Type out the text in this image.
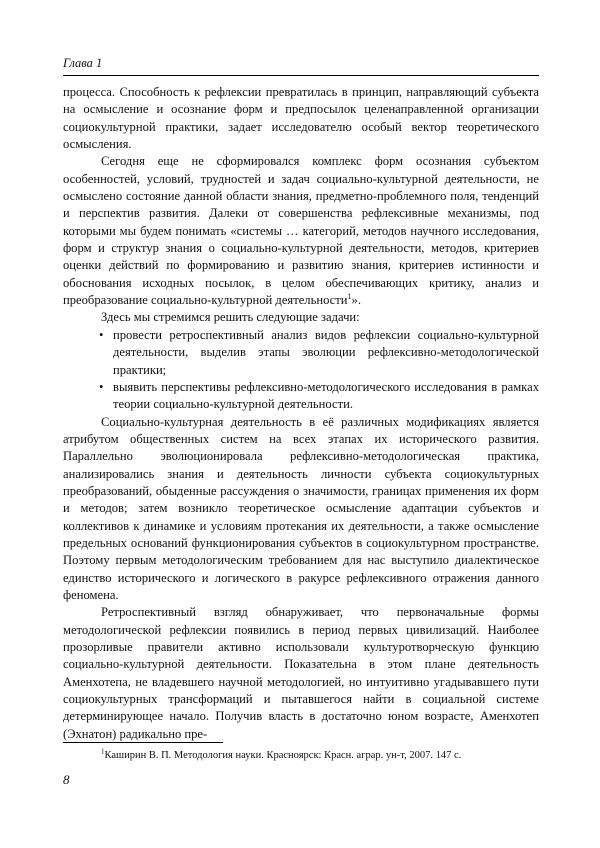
Глава 1

процесса. Способность к рефлексии превратилась в принцип, направляющий субъекта на осмысление и осознание форм и предпосылок целенаправленной организации социокультурной практики, задает исследователю особый вектор теоретического осмысления.

Сегодня еще не сформировался комплекс форм осознания субъектом особенностей, условий, трудностей и задач социально-культурной деятельности, не осмыслено состояние данной области знания, предметно-проблемного поля, тенденций и перспектив развития. Далеки от совершенства рефлексивные механизмы, под которыми мы будем понимать «системы … категорий, методов научного исследования, форм и структур знания о социально-культурной деятельности, методов, критериев оценки действий по формированию и развитию знания, критериев истинности и обоснования исходных посылок, в целом обеспечивающих критику, анализ и преобразование социально-культурной деятельности$^1$».

Здесь мы стремимся решить следующие задачи:

• провести ретроспективный анализ видов рефлексии социально-культурной деятельности, выделив этапы эволюции рефлексивно-методологической практики;
• выявить перспективы рефлексивно-методологического исследования в рамках теории социально-культурной деятельности.

Социально-культурная деятельность в её различных модификациях является атрибутом общественных систем на всех этапах их исторического развития. Параллельно эволюционировала рефлексивно-методологическая практика, анализировались знания и деятельность личности субъекта социокультурных преобразований, обыденные рассуждения о значимости, границах применения их форм и методов; затем возникло теоретическое осмысление адаптации субъектов и коллективов к динамике и условиям протекания их деятельности, а также осмысление предельных оснований функционирования субъектов в социокультурном пространстве. Поэтому первым методологическим требованием для нас выступило диалектическое единство исторического и логического в ракурсе рефлексивного отражения данного феномена.

Ретроспективный взгляд обнаруживает, что первоначальные формы методологической рефлексии появились в период первых цивилизаций. Наиболее прозорливые правители активно использовали культуротворческую функцию социально-культурной деятельности. Показательна в этом плане деятельность Аменхотепа, не владевшего научной методологией, но интуитивно угадывавшего пути социокультурных трансформаций и пытавшегося найти в социальной системе детерминирующее начало. Получив власть в достаточно юном возрасте, Аменхотеп (Эхнатон) радикально пре-

$^1$Каширин В. П. Методология науки. Красноярск: Красн. аграр. ун-т, 2007. 147 с.
8
